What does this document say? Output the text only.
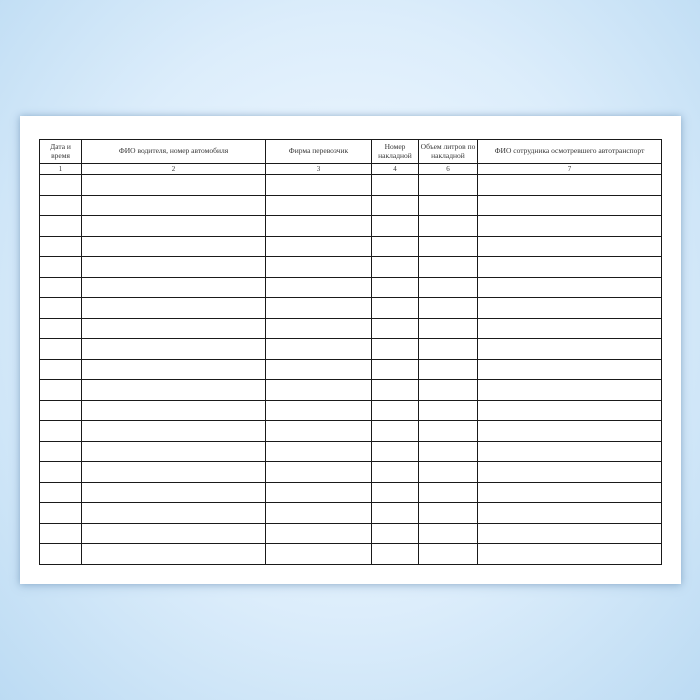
Дата и время	ФИО водителя, номер автомобиля	Фирма перевозчик	Номер накладной	Объем литров по накладной	ФИО сотрудника осмотревшего автотранспорт
1	2	3	4	6	7
